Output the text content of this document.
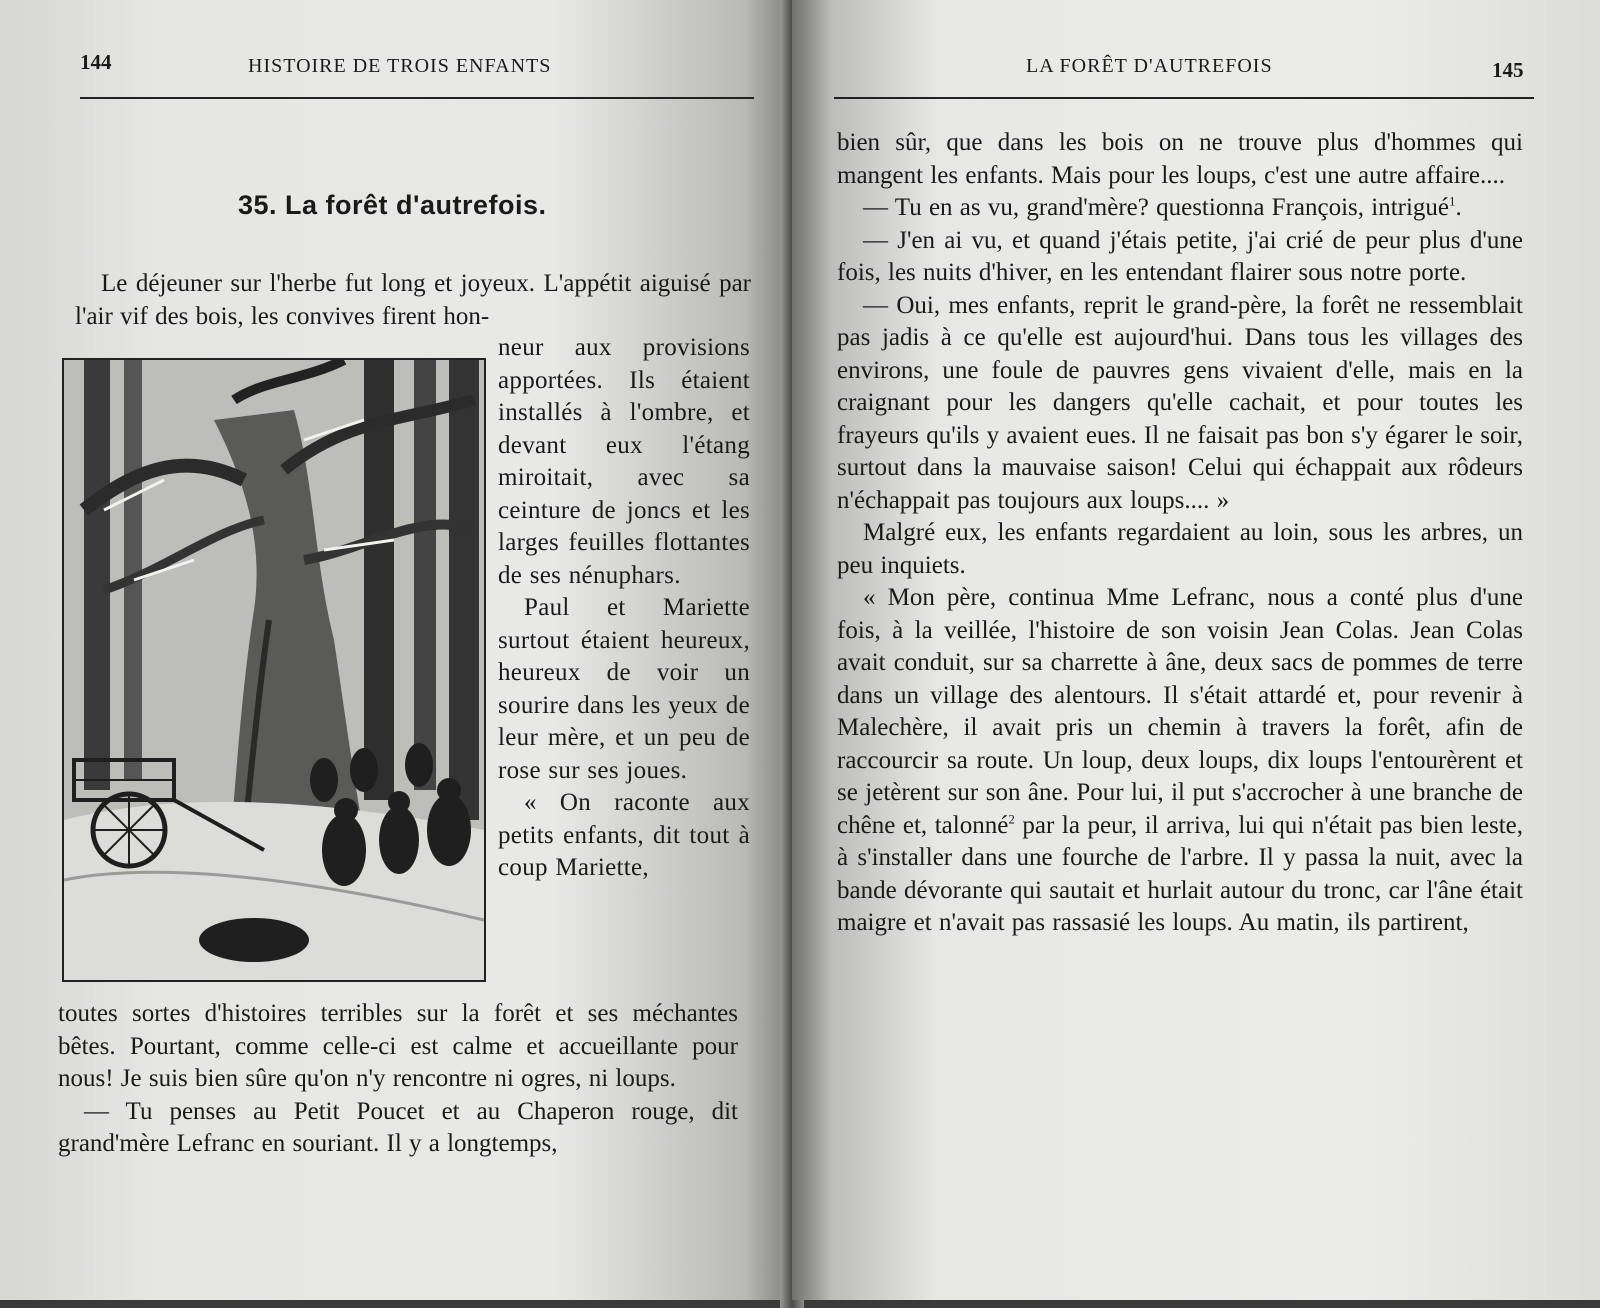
144	HISTOIRE DE TROIS ENFANTS
35. La forêt d'autrefois.

Le déjeuner sur l'herbe fut long et joyeux. L'appétit aiguisé par l'air vif des bois, les convives firent hon-

neur aux provisions apportées. Ils étaient installés à l'ombre, et devant eux l'étang miroitait, avec sa ceinture de joncs et les larges feuilles flottantes de ses nénuphars.

Paul et Mariette surtout étaient heureux, heureux de voir un sourire dans les yeux de leur mère, et un peu de rose sur ses joues.

« On raconte aux petits enfants, dit tout à coup Mariette,

toutes sortes d'histoires terribles sur la forêt et ses méchantes bêtes. Pourtant, comme celle-ci est calme et accueillante pour nous! Je suis bien sûre qu'on n'y rencontre ni ogres, ni loups.

— Tu penses au Petit Poucet et au Chaperon rouge, dit grand'mère Lefranc en souriant. Il y a longtemps,

LA FORÊT D'AUTREFOIS	145

bien sûr, que dans les bois on ne trouve plus d'hommes qui mangent les enfants. Mais pour les loups, c'est une autre affaire....

— Tu en as vu, grand'mère? questionna François, intrigué$^1$.

— J'en ai vu, et quand j'étais petite, j'ai crié de peur plus d'une fois, les nuits d'hiver, en les entendant flairer sous notre porte.

— Oui, mes enfants, reprit le grand-père, la forêt ne ressemblait pas jadis à ce qu'elle est aujourd'hui. Dans tous les villages des environs, une foule de pauvres gens vivaient d'elle, mais en la craignant pour les dangers qu'elle cachait, et pour toutes les frayeurs qu'ils y avaient eues. Il ne faisait pas bon s'y égarer le soir, surtout dans la mauvaise saison! Celui qui échappait aux rôdeurs n'échappait pas toujours aux loups.... »

Malgré eux, les enfants regardaient au loin, sous les arbres, un peu inquiets.

« Mon père, continua Mme Lefranc, nous a conté plus d'une fois, à la veillée, l'histoire de son voisin Jean Colas. Jean Colas avait conduit, sur sa charrette à âne, deux sacs de pommes de terre dans un village des alentours. Il s'était attardé et, pour revenir à Malechère, il avait pris un chemin à travers la forêt, afin de raccourcir sa route. Un loup, deux loups, dix loups l'entourèrent et se jetèrent sur son âne. Pour lui, il put s'accrocher à une branche de chêne et, talonné$^2$ par la peur, il arriva, lui qui n'était pas bien leste, à s'installer dans une fourche de l'arbre. Il y passa la nuit, avec la bande dévorante qui sautait et hurlait autour du tronc, car l'âne était maigre et n'avait pas rassasié les loups. Au matin, ils partirent,
